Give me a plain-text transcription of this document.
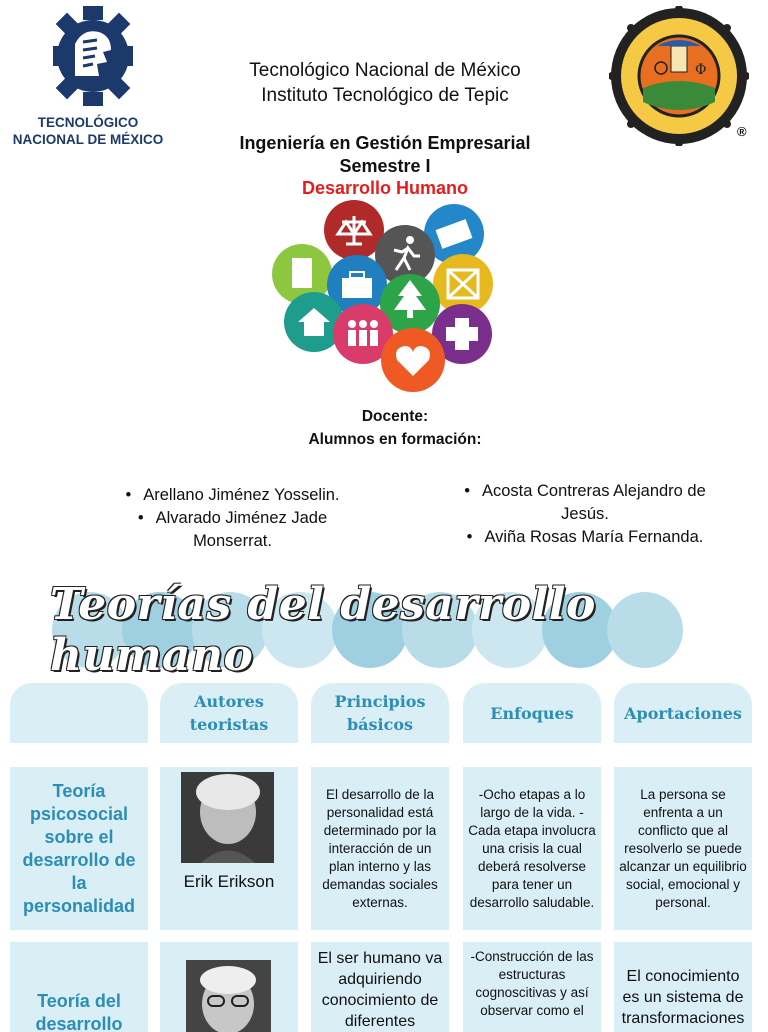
TECNOLÓGICO
NACIONAL DE MÉXICO
Φ
®
Tecnológico Nacional de México
Instituto Tecnológico de Tepic
Ingeniería en Gestión Empresarial
Semestre I
Desarrollo Humano
Docente:
Alumnos en formación:
• Arellano Jiménez Yosselin.
• Alvarado Jiménez Jade
Monserrat.
• Acosta Contreras Alejandro de
Jesús.
• Aviña Rosas María Fernanda.
Teorías del desarrollo humano
Autores teoristas
Principios básicos
Enfoques	Aportaciones
Teoría psicosocial sobre el desarrollo de la personalidad
Erik Erikson
El desarrollo de la personalidad está determinado por la interacción de un plan interno y las demandas sociales externas.
-Ocho etapas a lo largo de la vida. -Cada etapa involucra una crisis la cual deberá resolverse para tener un desarrollo saludable.
La persona se enfrenta a un conflicto que al resolverlo se puede alcanzar un equilibrio social, emocional y personal.
Teoría del desarrollo
El ser humano va adquiriendo conocimiento de diferentes
-Construcción de las estructuras cognoscitivas y así observar como el
El conocimiento es un sistema de transformaciones
